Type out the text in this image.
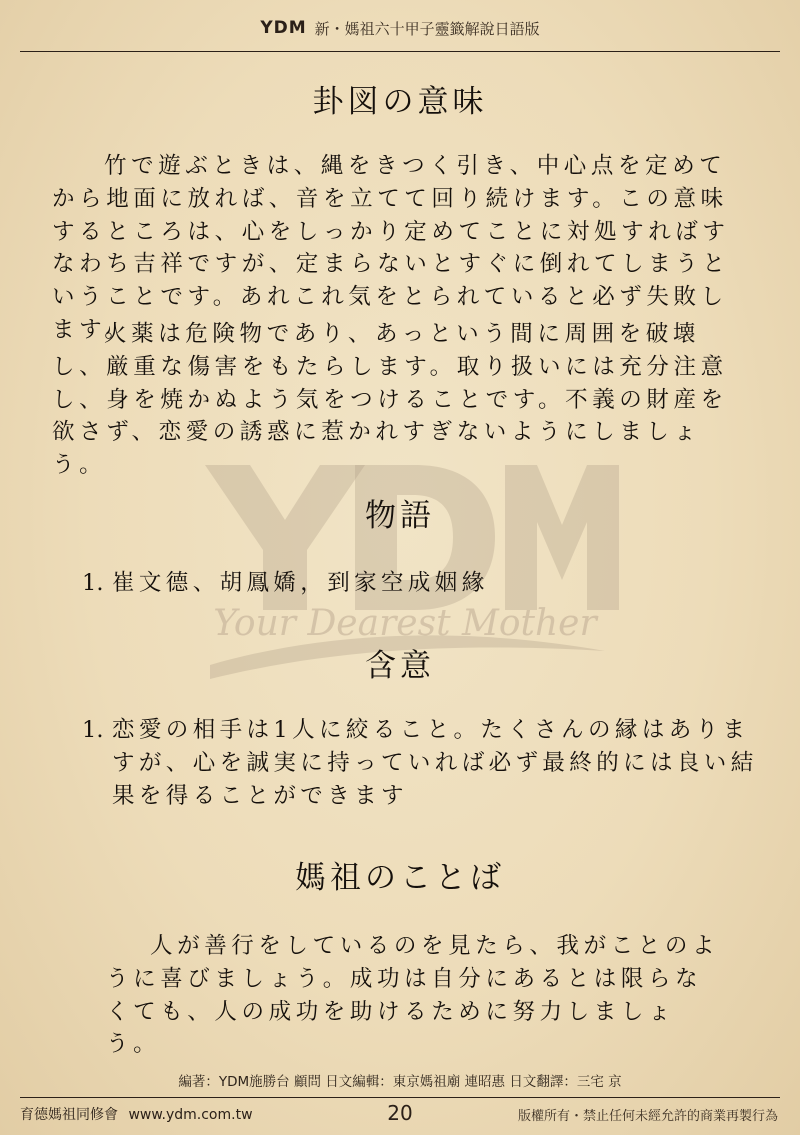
YDM 新・媽祖六十甲子靈籤解說日語版
Your Dearest Mother
卦図の意味

竹で遊ぶときは、縄をきつく引き、中心点を定めてから地面に放れば、音を立てて回り続けます。この意味するところは、心をしっかり定めてことに対処すればすなわち吉祥ですが、定まらないとすぐに倒れてしまうということです。あれこれ気をとられていると必ず失敗します。

火薬は危険物であり、あっという間に周囲を破壊し、厳重な傷害をもたらします。取り扱いには充分注意し、身を焼かぬよう気をつけることです。不義の財産を欲さず、恋愛の誘惑に惹かれすぎないようにしましょう。

物語
1. 崔文德、胡鳳嬌，到家空成姻緣
含意
1. 恋愛の相手は1人に絞ること。たくさんの縁はありますが、心を誠実に持っていれば必ず最終的には良い結果を得ることができます
媽祖のことば

人が善行をしているのを見たら、我がことのように喜びましょう。成功は自分にあるとは限らなくても、人の成功を助けるために努力しましょう。

編著：YDM施勝台 顧問 日文編輯：東京媽祖廟 連昭惠 日文翻譯：三宅 京
育德媽祖同修會 www.ydm.com.tw	20	版權所有・禁止任何未經允許的商業再製行為
